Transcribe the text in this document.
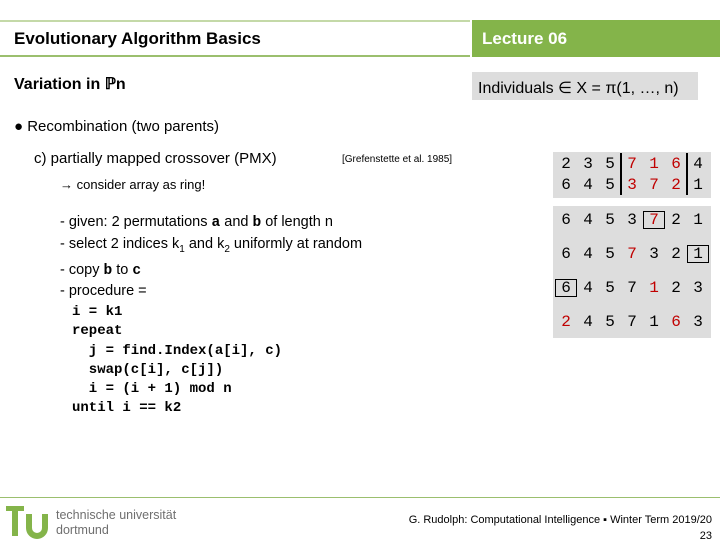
Evolutionary Algorithm Basics	Lecture 06
Variation in ℙn	Individuals ∈ X = π(1, …, n)
● Recombination (two parents)
c) partially mapped crossover (PMX)	[Grefenstette et al. 1985]
→ consider array as ring!
- given: 2 permutations a and b of length n
- select 2 indices $k_1$ and $k_2$ uniformly at random
- copy b to c
- procedure =
i = k1
repeat
j = find.Index(a[i], c)
swap(c[i], c[j])
i = (i + 1) mod n
until i == k2
2 3 5 7 1 6 4
6 4 5 3 7 2 1
6 4 5 3 7 2 1
6 4 5 7 3 2 1
6 4 5 7 1 2 3
2 4 5 7 1 6 3
technische universität
dortmund
G. Rudolph: Computational Intelligence ▪ Winter Term 2019/20
23
